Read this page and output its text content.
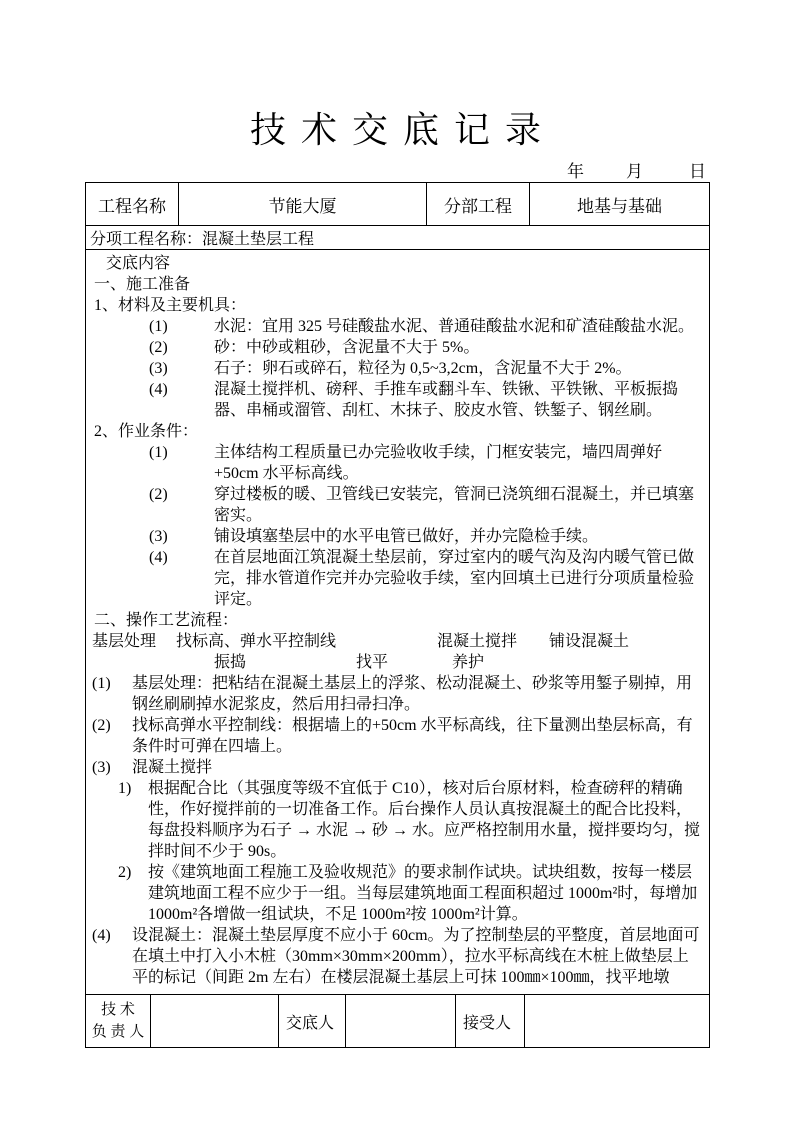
技 术 交 底 记 录
年 月	日
工程名称	节能大厦	分部工程	地基与基础
分项工程名称：混凝土垫层工程
交底内容
一、施工准备
1、材料及主要机具：
(1)	水泥：宜用 325 号硅酸盐水泥、普通硅酸盐水泥和矿渣硅酸盐水泥。
(2)	砂：中砂或粗砂，含泥量不大于 5%。
(3)	石子：卵石或碎石，粒径为 0,5~3,2cm，含泥量不大于 2%。
(4)	混凝土搅拌机、磅秤、手推车或翻斗车、铁锹、平铁锹、平板振捣器、串桶或溜管、刮杠、木抹子、胶皮水管、铁錾子、钢丝刷。
2、作业条件：
(1)	主体结构工程质量已办完验收收手续，门框安装完，墙四周弹好+50cm 水平标高线。
(2)	穿过楼板的暖、卫管线已安装完，管洞已浇筑细石混凝土，并已填塞密实。
(3)	铺设填塞垫层中的水平电管已做好，并办完隐检手续。
(4)	在首层地面江筑混凝土垫层前，穿过室内的暖气沟及沟内暖气管已做完，排水管道作完并办完验收手续，室内回填土已进行分项质量检验评定。
二、操作工艺流程：
基层处理 找标高、弹水平控制线	混凝土搅拌 铺设混凝土
振捣	找平	养护
(1) 基层处理：把粘结在混凝土基层上的浮浆、松动混凝土、砂浆等用錾子剔掉，用钢丝刷刷掉水泥浆皮，然后用扫帚扫净。
(2) 找标高弹水平控制线：根据墙上的+50cm 水平标高线，往下量测出垫层标高，有条件时可弹在四墙上。
(3) 混凝土搅拌
1) 根据配合比（其强度等级不宜低于 C10），核对后台原材料，检查磅秤的精确性，作好搅拌前的一切准备工作。后台操作人员认真按混凝土的配合比投料，每盘投料顺序为石子 → 水泥 → 砂 → 水。应严格控制用水量，搅拌要均匀，搅拌时间不少于 90s。
2) 按《建筑地面工程施工及验收规范》的要求制作试块。试块组数，按每一楼层建筑地面工程不应少于一组。当每层建筑地面工程面积超过 1000m²时，每增加 1000m²各增做一组试块，不足 1000m²按 1000m²计算。
(4) 设混凝土：混凝土垫层厚度不应小于 60cm。为了控制垫层的平整度，首层地面可在填土中打入小木桩（30mm×30mm×200mm），拉水平标高线在木桩上做垫层上平的标记（间距 2m 左右）在楼层混凝土基层上可抹 100㎜×100㎜，找平地墩
技 术
负 责 人
		交底人		接受人	
